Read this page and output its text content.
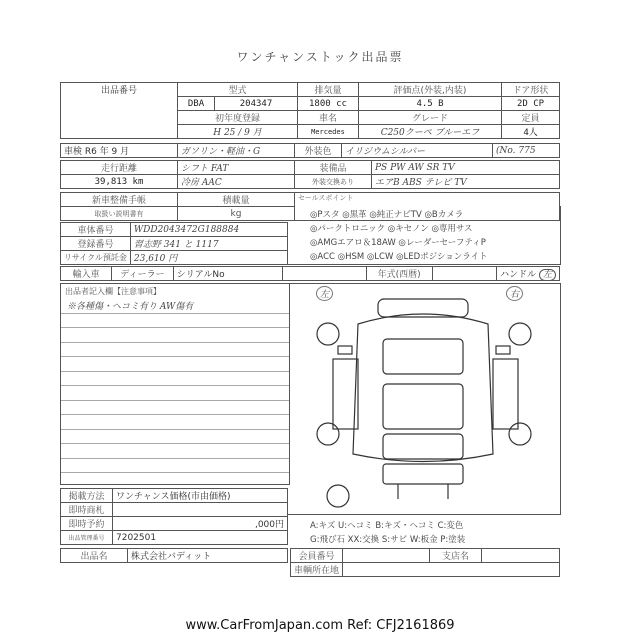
ワンチャンストック出品票
出品番号	型式		排気量	評価点(外装,内装)	ドア形状
	DBA	204347	1800 cc	4.5 B	2D CP
	初年度登録		車名	グレード	定員
	H 25 / 9 月		Mercedes	C250クーペ ブルーエフ	4人
車検 R6 年 9 月	ガソリン・軽油・G	外装色	イリジウムシルバー	(No. 775
走行距離	シフト FAT	装備品	PS PW AW SR TV
39,813 km	冷房 AAC	外装交換あり	エアB ABS テレビ TV
新車整備手帳	積載量	セールスポイント
取扱い説明書有	kg	
車体番号	WDD2043472G188884
登録番号	習志野 341 と 1117
リサイクル預託金	23,610 円
◎Pスタ ◎黒革 ◎純正ナビTV ◎Bカメラ
◎パークトロニック ◎キセノン ◎専用サス
◎AMGエアロ＆18AW ◎レーダーセーフティP
◎ACC ◎HSM ◎LCW ◎LEDポジションライト
輸入車	ディーラー	シリアルNo		年式(西暦)		ハンドル 左
出品者記入欄【注意事項】
※各種傷・ヘコミ有り AW傷有
左	右
掲載方法	ワンチャンス価格(市由価格)
即時商札	
即時予約	,000円
出品管理番号	7202501
A:キズ U:ヘコミ B:キズ・ヘコミ C:変色
G:飛び石 XX:交換 S:サビ W:板金 P:塗装
出品名	株式会社バディット	会員番号		支店名	
車輌所在地			
www.CarFromJapan.com Ref: CFJ2161869
